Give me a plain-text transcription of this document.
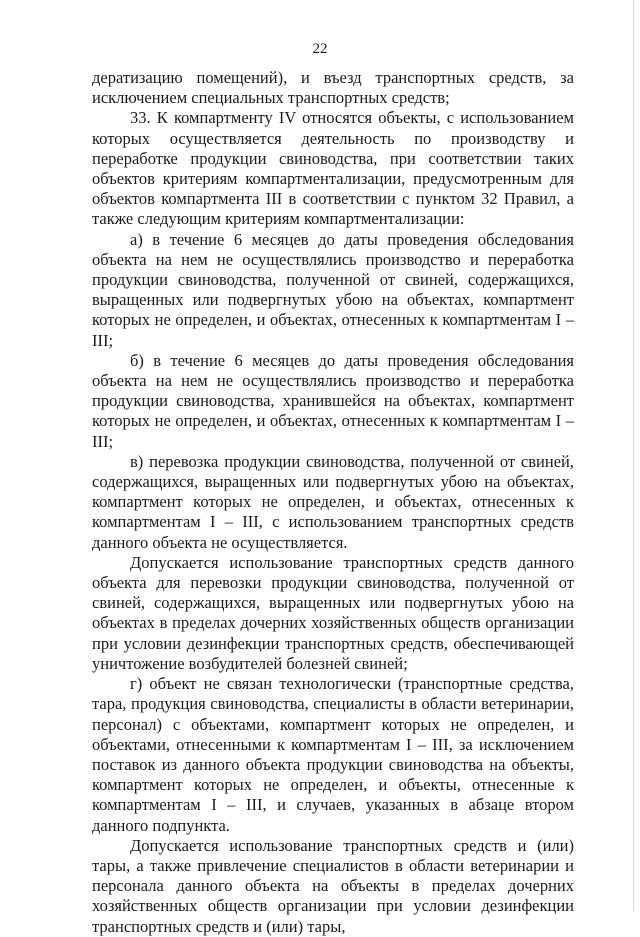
22

дератизацию помещений), и въезд транспортных средств, за исключением специальных транспортных средств;

33. К компартменту IV относятся объекты, с использованием которых осуществляется деятельность по производству и переработке продукции свиноводства, при соответствии таких объектов критериям компартментализации, предусмотренным для объектов компартмента III в соответствии с пунктом 32 Правил, а также следующим критериям компартментализации:

а) в течение 6 месяцев до даты проведения обследования объекта на нем не осуществлялись производство и переработка продукции свиноводства, полученной от свиней, содержащихся, выращенных или подвергнутых убою на объектах, компартмент которых не определен, и объектах, отнесенных к компартментам I – III;

б) в течение 6 месяцев до даты проведения обследования объекта на нем не осуществлялись производство и переработка продукции свиноводства, хранившейся на объектах, компартмент которых не определен, и объектах, отнесенных к компартментам I – III;

в) перевозка продукции свиноводства, полученной от свиней, содержащихся, выращенных или подвергнутых убою на объектах, компартмент которых не определен, и объектах, отнесенных к компартментам I – III, с использованием транспортных средств данного объекта не осуществляется.

Допускается использование транспортных средств данного объекта для перевозки продукции свиноводства, полученной от свиней, содержащихся, выращенных или подвергнутых убою на объектах в пределах дочерних хозяйственных обществ организации при условии дезинфекции транспортных средств, обеспечивающей уничтожение возбудителей болезней свиней;

г) объект не связан технологически (транспортные средства, тара, продукция свиноводства, специалисты в области ветеринарии, персонал) с объектами, компартмент которых не определен, и объектами, отнесенными к компартментам I – III, за исключением поставок из данного объекта продукции свиноводства на объекты, компартмент которых не определен, и объекты, отнесенные к компартментам I – III, и случаев, указанных в абзаце втором данного подпункта.

Допускается использование транспортных средств и (или) тары, а также привлечение специалистов в области ветеринарии и персонала данного объекта на объекты в пределах дочерних хозяйственных обществ организации при условии дезинфекции транспортных средств и (или) тары,
